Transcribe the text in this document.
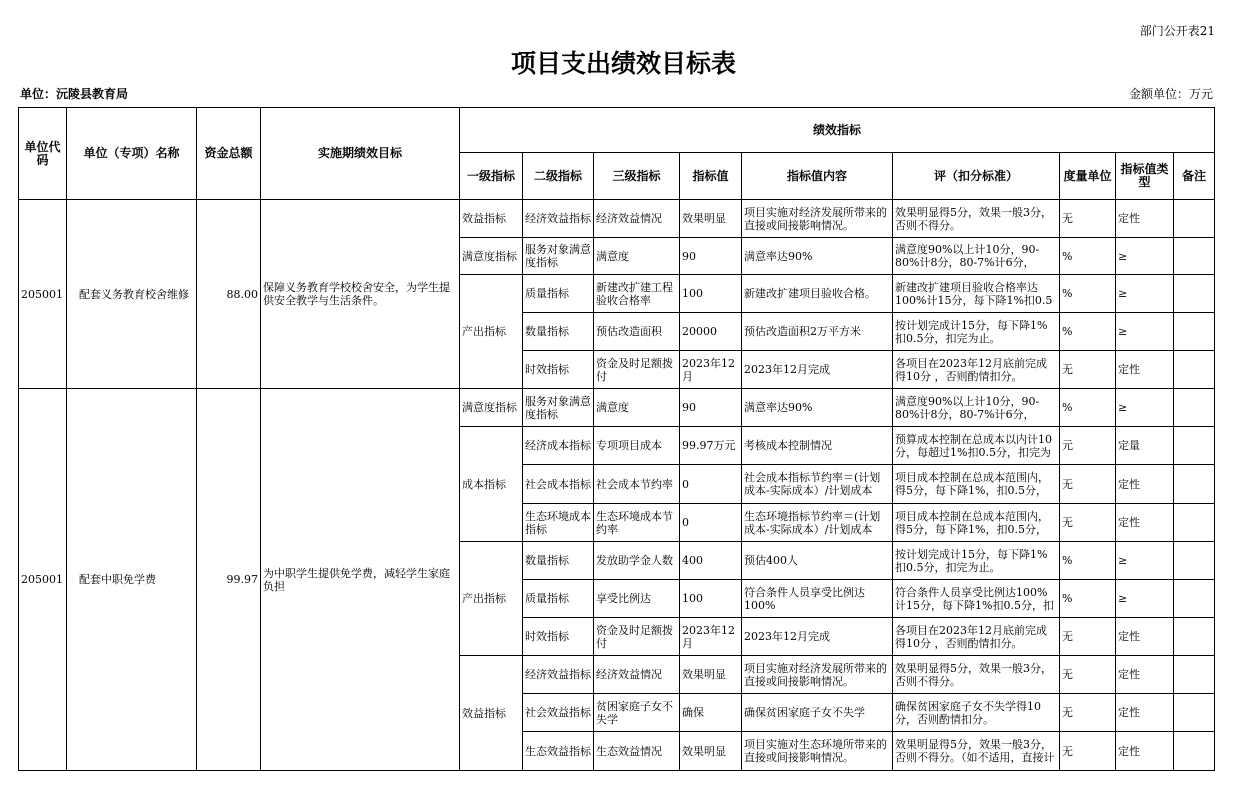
部门公开表21
项目支出绩效目标表
单位：沅陵县教育局	金额单位：万元
单位代码	单位（专项）名称	资金总额	实施期绩效目标	绩效指标								
				一级指标	二级指标	三级指标	指标值	指标值内容	评（扣分标准）	度量单位	指标值类型	备注
205001	配套义务教育校舍维修	88.00	保障义务教育学校校舍安全，为学生提供安全教学与生活条件。	效益指标	经济效益指标	经济效益情况	效果明显	项目实施对经济发展所带来的直接或间接影响情况。	效果明显得5分，效果一般3分，否则不得分。	无	定性	
				满意度指标	服务对象满意度指标	满意度	90	满意率达90%	满意度90%以上计10分，90-80%计8分，80-7%计6分，	%	≥	
				产出指标	质量指标	新建改扩建工程验收合格率	100	新建改扩建项目验收合格。	新建改扩建项目验收合格率达100%计15分，每下降1%扣0.5	%	≥	
					数量指标	预估改造面积	20000	预估改造面积2万平方米	按计划完成计15分，每下降1%扣0.5分，扣完为止。	%	≥	
					时效指标	资金及时足额拨付	2023年12月	2023年12月完成	各项目在2023年12月底前完成得10分 ，否则酌情扣分。	无	定性	
205001	配套中职免学费	99.97	为中职学生提供免学费，减轻学生家庭负担	满意度指标	服务对象满意度指标	满意度	90	满意率达90%	满意度90%以上计10分，90-80%计8分，80-7%计6分，	%	≥	
				成本指标	经济成本指标	专项项目成本	99.97万元	考核成本控制情况	预算成本控制在总成本以内计10分，每超过1%扣0.5分，扣完为	元	定量	
					社会成本指标	社会成本节约率	0	社会成本指标节约率＝(计划成本-实际成本）/计划成本	项目成本控制在总成本范围内，得5分，每下降1%，扣0.5分，	无	定性	

					生态环境成本指标	生态环境成本节约率	0	生态环境指标节约率＝(计划成本-实际成本）/计划成本	项目成本控制在总成本范围内，得5分，每下降1%，扣0.5分，	无	定性	
				产出指标	数量指标	发放助学金人数	400	预估400人	按计划完成计15分，每下降1%扣0.5分，扣完为止。	%	≥	
					质量指标	享受比例达	100	符合条件人员享受比例达100%	符合条件人员享受比例达100%计15分，每下降1%扣0.5分，扣	%	≥	
					时效指标	资金及时足额拨付	2023年12月	2023年12月完成	各项目在2023年12月底前完成得10分 ，否则酌情扣分。	无	定性	
				效益指标	经济效益指标	经济效益情况	效果明显	项目实施对经济发展所带来的直接或间接影响情况。	效果明显得5分，效果一般3分，否则不得分。	无	定性	
					社会效益指标	贫困家庭子女不失学	确保	确保贫困家庭子女不失学	确保贫困家庭子女不失学得10分，否则酌情扣分。	无	定性	
					生态效益指标	生态效益情况	效果明显	项目实施对生态环境所带来的直接或间接影响情况。	效果明显得5分，效果一般3分，否则不得分。（如不适用，直接计	无	定性	
